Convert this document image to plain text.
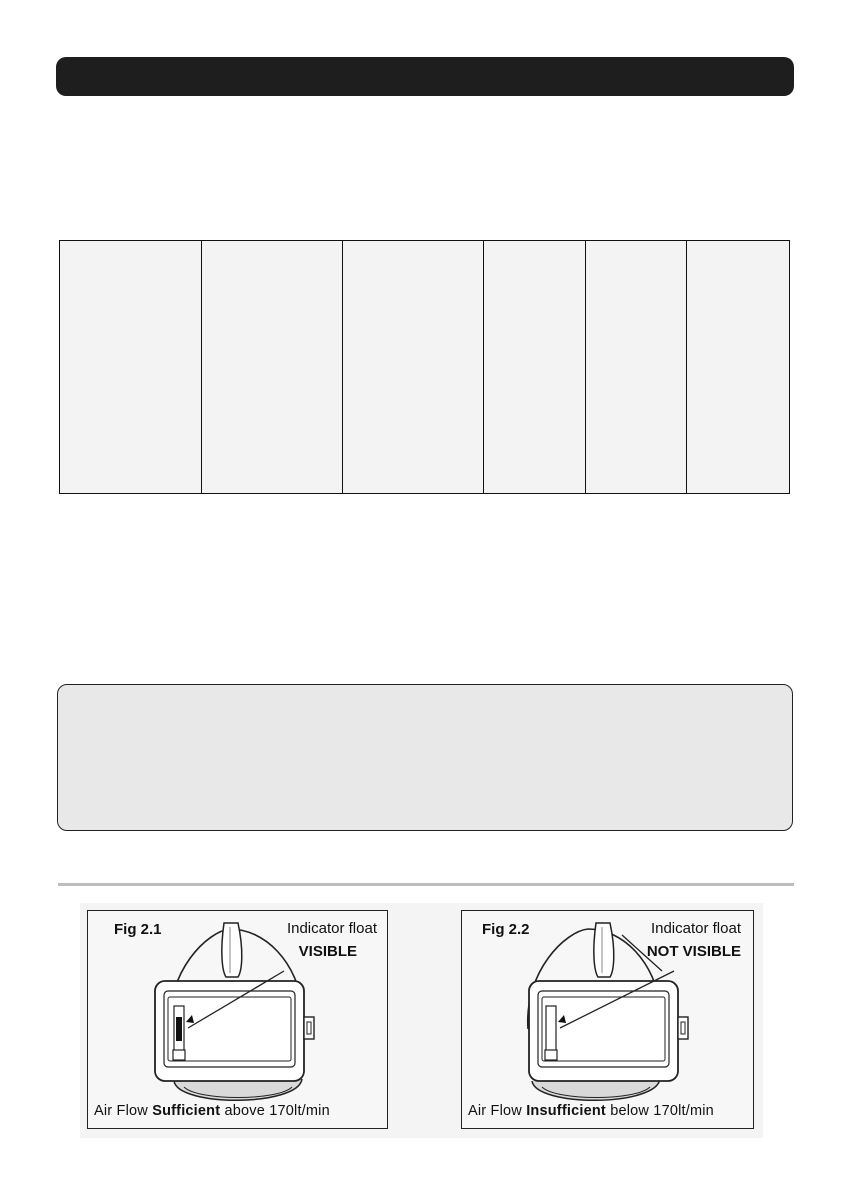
Fig 2.1	Indicator float
VISIBLE
Air Flow Sufficient above 170lt/min
Fig 2.2	Indicator float
NOT VISIBLE
Air Flow Insufficient below 170lt/min
